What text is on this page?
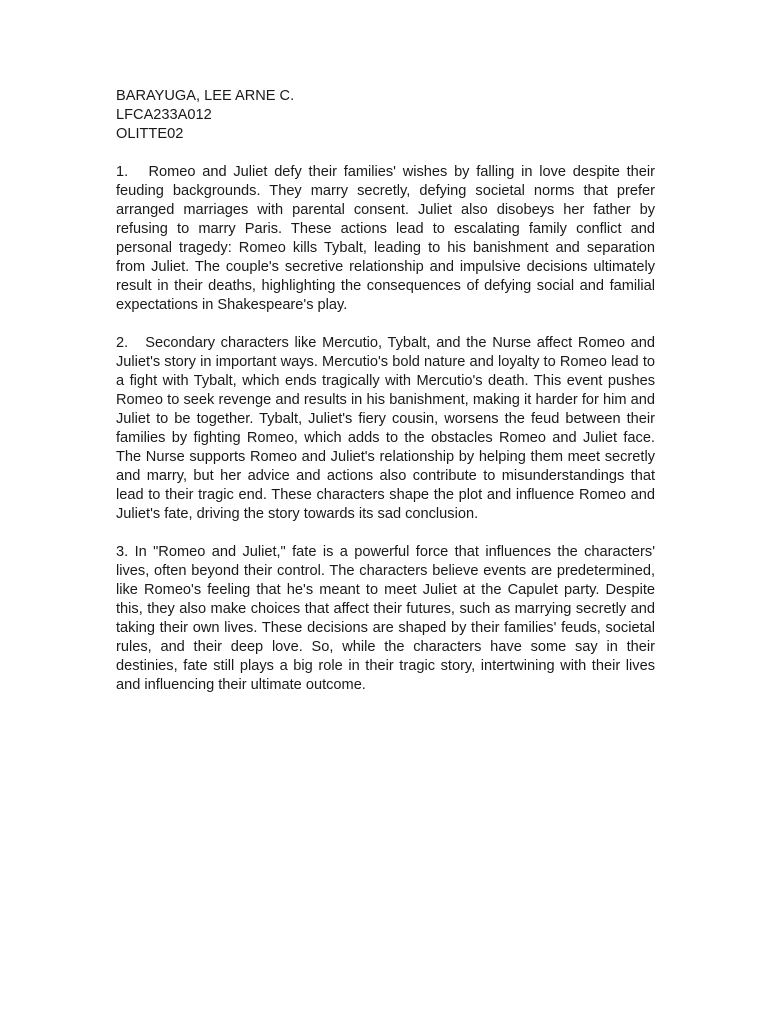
BARAYUGA, LEE ARNE C.

LFCA233A012

OLITTE02

1. Romeo and Juliet defy their families' wishes by falling in love despite their feuding backgrounds. They marry secretly, defying societal norms that prefer arranged marriages with parental consent. Juliet also disobeys her father by refusing to marry Paris. These actions lead to escalating family conflict and personal tragedy: Romeo kills Tybalt, leading to his banishment and separation from Juliet. The couple's secretive relationship and impulsive decisions ultimately result in their deaths, highlighting the consequences of defying social and familial expectations in Shakespeare's play.

2. Secondary characters like Mercutio, Tybalt, and the Nurse affect Romeo and Juliet's story in important ways. Mercutio's bold nature and loyalty to Romeo lead to a fight with Tybalt, which ends tragically with Mercutio's death. This event pushes Romeo to seek revenge and results in his banishment, making it harder for him and Juliet to be together. Tybalt, Juliet's fiery cousin, worsens the feud between their families by fighting Romeo, which adds to the obstacles Romeo and Juliet face. The Nurse supports Romeo and Juliet's relationship by helping them meet secretly and marry, but her advice and actions also contribute to misunderstandings that lead to their tragic end. These characters shape the plot and influence Romeo and Juliet's fate, driving the story towards its sad conclusion.

3. In "Romeo and Juliet," fate is a powerful force that influences the characters' lives, often beyond their control. The characters believe events are predetermined, like Romeo's feeling that he's meant to meet Juliet at the Capulet party. Despite this, they also make choices that affect their futures, such as marrying secretly and taking their own lives. These decisions are shaped by their families' feuds, societal rules, and their deep love. So, while the characters have some say in their destinies, fate still plays a big role in their tragic story, intertwining with their lives and influencing their ultimate outcome.
